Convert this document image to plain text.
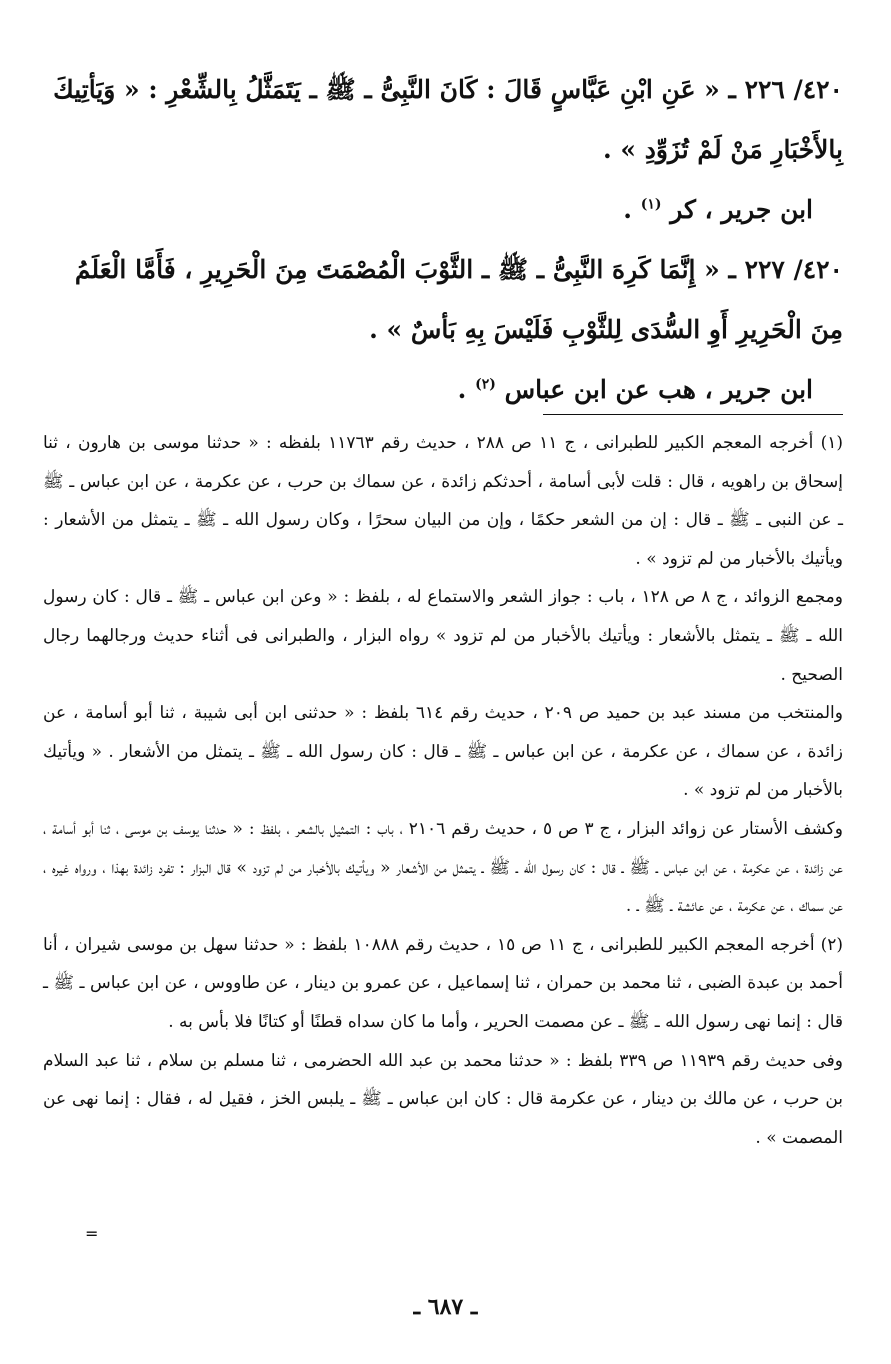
٤٢٠/ ٢٢٦ ـ « عَنِ ابْنِ عَبَّاسٍ قَالَ : كَانَ النَّبِىُّ ـ ﷺ ـ يَتَمَثَّلُ بِالشِّعْرِ : « وَيَأتِيكَ

بِالأَخْبَارِ مَنْ لَمْ تُزَوِّدِ » .

ابن جرير ، كر $^{(١)}$ .

٤٢٠/ ٢٢٧ ـ « إِنَّمَا كَرِهَ النَّبِىُّ ـ ﷺ ـ الثَّوْبَ الْمُصْمَتَ مِنَ الْحَرِيرِ ، فَأَمَّا الْعَلَمُ

مِنَ الْحَرِيرِ أَوِ السُّدَى لِلثَّوْبِ فَلَيْسَ بِهِ بَأسٌ » .

ابن جرير ، هب عن ابن عباس $^{(٢)}$ .

(١) أخرجه المعجم الكبير للطبرانى ، ج ١١ ص ٢٨٨ ، حديث رقم ١١٧٦٣ بلفظه : « حدثنا موسى بن هارون ، ثنا إسحاق بن راهويه ، قال : قلت لأبى أسامة ، أحدثكم زائدة ، عن سماك بن حرب ، عن عكرمة ، عن ابن عباس ـ ﷺ ـ عن النبى ـ ﷺ ـ قال : إن من الشعر حكمًا ، وإن من البيان سحرًا ، وكان رسول الله ـ ﷺ ـ يتمثل من الأشعار : ويأتيك بالأخبار من لم تزود » .

ومجمع الزوائد ، ج ٨ ص ١٢٨ ، باب : جواز الشعر والاستماع له ، بلفظ : « وعن ابن عباس ـ ﷺ ـ قال : كان رسول الله ـ ﷺ ـ يتمثل بالأشعار : ويأتيك بالأخبار من لم تزود » رواه البزار ، والطبرانى فى أثناء حديث ورجالهما رجال الصحيح .

والمنتخب من مسند عبد بن حميد ص ٢٠٩ ، حديث رقم ٦١٤ بلفظ : « حدثنى ابن أبى شيبة ، ثنا أبو أسامة ، عن زائدة ، عن سماك ، عن عكرمة ، عن ابن عباس ـ ﷺ ـ قال : كان رسول الله ـ ﷺ ـ يتمثل من الأشعار . « ويأتيك بالأخبار من لم تزود » .

وكشف الأستار عن زوائد البزار ، ج ٣ ص ٥ ، حديث رقم ٢١٠٦ ، باب : التمثيل بالشعر ، بلفظ : « حدثنا يوسف بن موسى ، ثنا أبو أسامة ، عن زائدة ، عن عكرمة ، عن ابن عباس ـ ﷺ ـ قال : كان رسول الله ـ ﷺ ـ يتمثل من الأشعار « ويأتيك بالأخبار من لم تزود » قال البزار : تفرد زائدة بهذا ، ورواه غيره ، عن سماك ، عن عكرمة ، عن عائشة ـ ﷺ ـ .

(٢) أخرجه المعجم الكبير للطبرانى ، ج ١١ ص ١٥ ، حديث رقم ١٠٨٨٨ بلفظ : « حدثنا سهل بن موسى شيران ، أنا أحمد بن عبدة الضبى ، ثنا محمد بن حمران ، ثنا إسماعيل ، عن عمرو بن دينار ، عن طاووس ، عن ابن عباس ـ ﷺ ـ قال : إنما نهى رسول الله ـ ﷺ ـ عن مصمت الحرير ، وأما ما كان سداه قطنًا أو كتانًا فلا بأس به .

وفى حديث رقم ١١٩٣٩ ص ٣٣٩ بلفظ : « حدثنا محمد بن عبد الله الحضرمى ، ثنا مسلم بن سلام ، ثنا عبد السلام بن حرب ، عن مالك بن دينار ، عن عكرمة قال : كان ابن عباس ـ ﷺ ـ يلبس الخز ، فقيل له ، فقال : إنما نهى عن المصمت » .

=
ـ ٦٨٧ ـ
